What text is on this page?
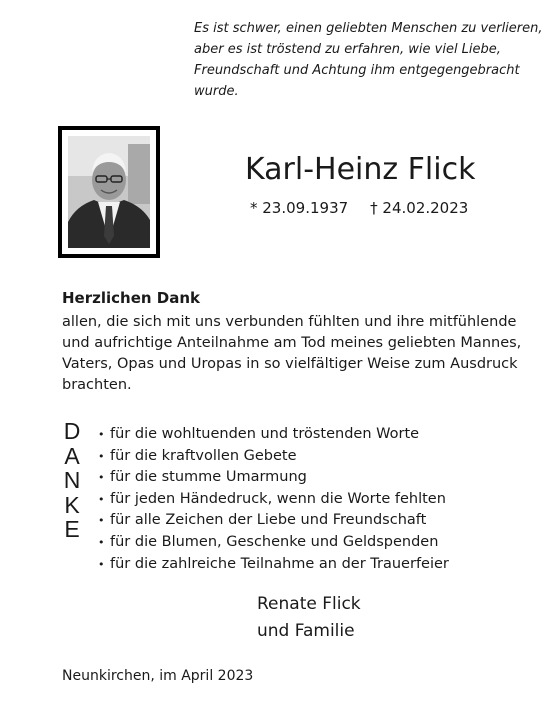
Es ist schwer, einen geliebten Menschen zu verlieren,
aber es ist tröstend zu erfahren, wie viel Liebe,
Freundschaft und Achtung ihm entgegengebracht
wurde.
Karl-Heinz Flick
* 23.09.1937 † 24.02.2023
Herzlichen Dank
allen, die sich mit uns verbunden fühlten und ihre mitfühlende
und aufrichtige Anteilnahme am Tod meines geliebten Mannes,
Vaters, Opas und Uropas in so vielfältiger Weise zum Ausdruck
brachten.
D
A
N
K
E
• für die wohltuenden und tröstenden Worte
• für die kraftvollen Gebete
• für die stumme Umarmung
• für jeden Händedruck, wenn die Worte fehlten
• für alle Zeichen der Liebe und Freundschaft
• für die Blumen, Geschenke und Geldspenden
• für die zahlreiche Teilnahme an der Trauerfeier
Renate Flick
und Familie
Neunkirchen, im April 2023
